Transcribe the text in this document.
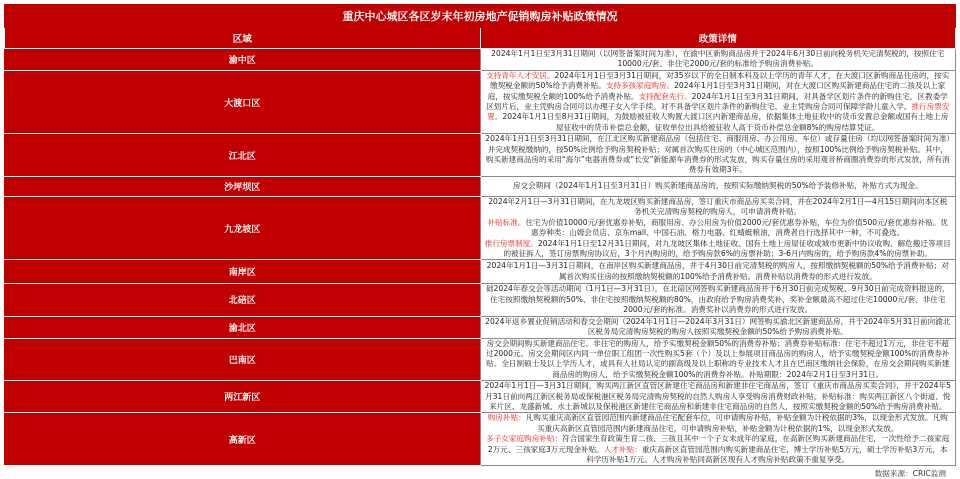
重庆中心城区各区岁末年初房地产促销购房补贴政策情况	
区域	政策详情
渝中区	2024年1月1日至3月31日期间（以网签备案时间为准），在渝中区新购商品房并于2024年6月30日前向税务机关完清契税的，按照住宅10000元/套、非住宅2000元/套的标准给予购房消费补贴。

大渡口区	支持青年人才安居。2024年1月1日至3月31日期间，对35岁以下的全日制本科及以上学历的青年人才，在大渡口区新购商品住房的，按实缴契税金额的50%给予消费补贴。支持多孩家庭购房。2024年1月1日至3月31日期间，对在大渡口区购买新建商品住宅的二孩及以上家庭，按实缴契税全额的100%给予消费补贴。支持配套先行。2024年1月1日至3月31日期间，对具备学区划片条件的新购住宅，区教委学区划片后，业主凭购房合同可以办理子女入学手续。对不具备学区划片条件的新购住宅，业主凭购房合同可保障学龄儿童入学。推行房票安置。2024年1月1日至8月31日期间，为鼓励被征收人购置大渡口区内新建商品房，依据集体土地征收中的货币安置总金额或国有土地上房屋征收中的货币补偿总金额，征收单位出具给被征收人高于货币补偿总金额8%的购房结算凭证。

江北区	2024年1月1日至3月31日期间，在江北区购买新建商品房（包括住宅、商服用房、办公用房、车位）或存量住房（均以网签备案时间为准）并完成契税缴纳的，按50%比例给予购房契税补贴；对属首次购买住房的（中心城区范围内），按照100%比例给予购房契税补贴。其中，购买新建商品房的采用“海尔”电器消费券或“长安”新能源车消费券的形式发放，购买存量住房的采用观音桥商圈消费券的形式发放，所有消费券有效期3年。

沙坪坝区	房交会期间（2024年1月1日至3月31日）购买新建商品房的，按照实际缴纳契税的50%给予装修补贴，补贴方式为现金。

九龙坡区	2024年2月1日—3月31日期间，在九龙坡区购买新建商品房，签订重庆市商品房买卖合同，并在2024年2月1日—4月15日期间向本区税务机关完清购房契税的购房人，可申请消费补贴。
补贴标准。住宅为价值10000元/套优惠券补贴，商服用房、办公用房为价值2000元/套优惠券补贴，车位为价值500元/套优惠券补贴。优惠券种类：山姆会员店、京东mall、中国石油、格力电器、红蜻蜓粮油，消费者自行选择其中一种，不可叠选。
推行房票制度。2024年1月1日至12月31日期间，对九龙坡区集体土地征收、国有土地上房屋征收或城市更新中协议收购、解危搬迁等项目的被征拆人，签订房票购房协议后，3个月内购房的，给予购房款6%的房票补助；3-6月内购房的，给予购房款4%的房票补助。

南岸区	2024年1月1日—3月31日期间，在南岸区购买新建商品房，并于4月30日前完清契税的购房人，按照缴纳契税额的50%给予消费补贴；对属首次购买住房的按照缴纳契税额的100%给予消费补贴。消费补贴以消费券的形式进行发放。

北碚区	础2024年春交会等活动期间（1月1日—3月31日），在北碚区网签购买新建商品房并于6月30日前完成契税、9月30日前完成资料报送的，住宅按照缴纳契税额的50%、非住宅按照缴纳契税额的80%，由政府给予购房消费奖补，奖补金额最高不超过住宅10000元/套、非住宅2000元/套的标准。消费奖补以消费券的形式进行发放。

渝北区	2024年返乡置业促销活动和春交会期间（2024年1月1日—2024年3月31日）网签购买渝北区新建商品房，并于2024年5月31日前向渝北区税务局完清购房契税的购房人按照实缴契税金额的50%给予购房消费补贴。

巴南区	房交会期间购买新建商品住宅、非住宅的购房人，给予实缴契税金额50%的消费券补贴；消费券补贴标准：住宅不超过1万元，非住宅不超过2000元。房交会期间区内同一单位职工组团一次性购买5套（个）及以上参展项目商品房的购房人，给予实缴契税金额100%的消费券补贴。全日制硕士及以上学历人才，或具有人社局认定的副高级及以上职称的专业技术人才且在巴南区缴纳社会保险，在房交会期间购买新建商品房的购房人，给予实缴契税金额100%的消费券补贴。补贴期限：2024年2月1日至3月31日。

两江新区	2024年1月1日—3月31日期间，购买两江新区直管区新建住宅商品房和新建非住宅商品房，签订《重庆市商品房买卖合同》，并于2024年5月31日前向两江新区税务局或保税港区税务局完清购房契税的自然人购房人享受购房消费财政补贴。补贴标准：购买两江新区八个街道、悦来片区、龙盛新城、水土新城以及保税港区新建住宅商品房和新建非住宅商品房的自然人，按照实缴契税金额的50%给予购房消费补贴。

高新区	购房补贴：凡购买重庆高新区直管园范围内新建商品住宅配套车位，可申请购房补贴，补贴金额为计税依据的3%，以现金形式发放。凡购买重庆高新区直管园范围内新建商品住宅，可申请购房补贴，补贴金额为计税依据的1%，以现金形式发放。
多子女家庭购房补贴：符合国家生育政策生育二孩、三孩且其中一个子女未成年的家庭，在高新区购买新建商品住宅，一次性给予二孩家庭2万元、三孩家庭3万元现金补贴。人才补贴：重庆高新区直管园范围内购买新建商品住宅，博士学历补贴5万元，硕士学历补贴3万元，本科学历补贴1万元。人才购房补贴同高新区现有人才购房补贴政策不重复享受。
数据来源：CRIC监测
